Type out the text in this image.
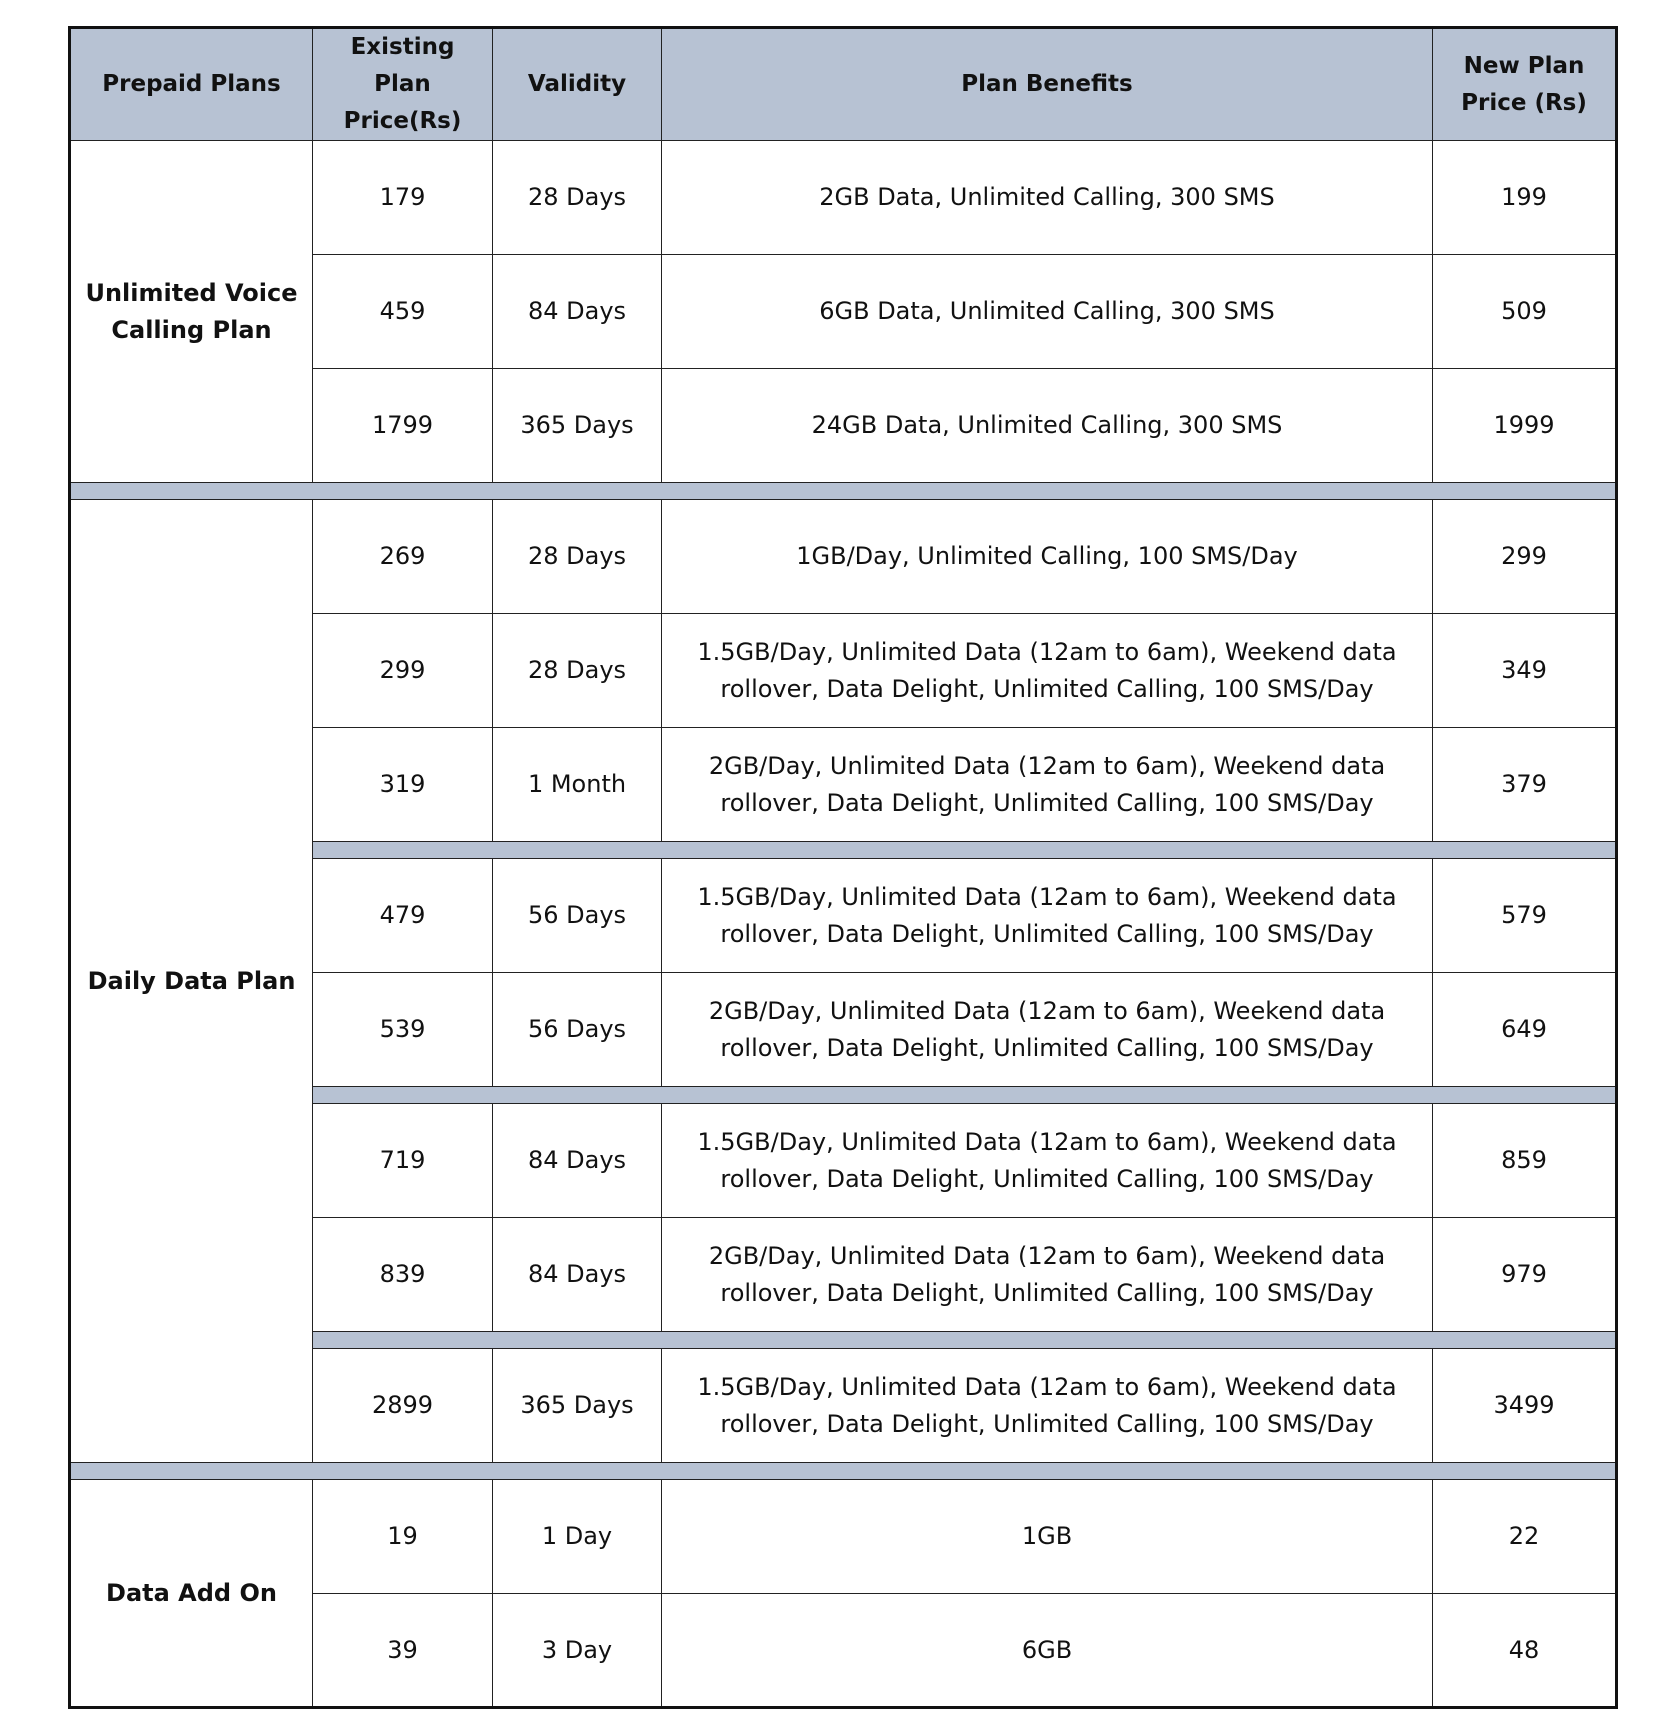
Prepaid Plans	Existing Plan Price(Rs)	Validity	Plan Benefits	New Plan Price (Rs)
Unlimited Voice Calling Plan	179	28 Days	2GB Data, Unlimited Calling, 300 SMS	199
	459	84 Days	6GB Data, Unlimited Calling, 300 SMS	509
	1799	365 Days	24GB Data, Unlimited Calling, 300 SMS	1999

Daily Data Plan	269	28 Days	1GB/Day, Unlimited Calling, 100 SMS/Day	299
	299	28 Days	1.5GB/Day, Unlimited Data (12am to 6am), Weekend data rollover, Data Delight, Unlimited Calling, 100 SMS/Day	349
	319	1 Month	2GB/Day, Unlimited Data (12am to 6am), Weekend data rollover, Data Delight, Unlimited Calling, 100 SMS/Day	379

	479	56 Days	1.5GB/Day, Unlimited Data (12am to 6am), Weekend data rollover, Data Delight, Unlimited Calling, 100 SMS/Day	579
	539	56 Days	2GB/Day, Unlimited Data (12am to 6am), Weekend data rollover, Data Delight, Unlimited Calling, 100 SMS/Day	649

	719	84 Days	1.5GB/Day, Unlimited Data (12am to 6am), Weekend data rollover, Data Delight, Unlimited Calling, 100 SMS/Day	859
	839	84 Days	2GB/Day, Unlimited Data (12am to 6am), Weekend data rollover, Data Delight, Unlimited Calling, 100 SMS/Day	979

	2899	365 Days	1.5GB/Day, Unlimited Data (12am to 6am), Weekend data rollover, Data Delight, Unlimited Calling, 100 SMS/Day	3499

Data Add On	19	1 Day	1GB	22
	39	3 Day	6GB	48
